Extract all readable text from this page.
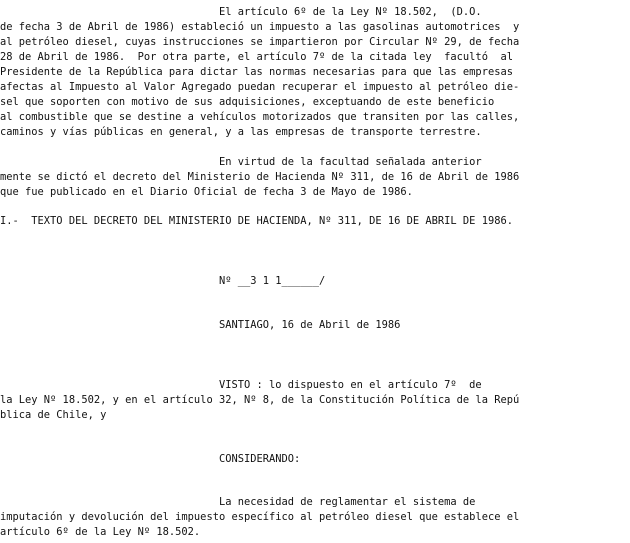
El artículo 6º de la Ley Nº 18.502,  (D.O.
de fecha 3 de Abril de 1986) estableció un impuesto a las gasolinas automotrices  y
al petróleo diesel, cuyas instrucciones se impartieron por Circular Nº 29, de fecha
28 de Abril de 1986.  Por otra parte, el artículo 7º de la citada ley  facultó  al
Presidente de la República para dictar las normas necesarias para que las empresas
afectas al Impuesto al Valor Agregado puedan recuperar el impuesto al petróleo die-
sel que soporten con motivo de sus adquisiciones, exceptuando de este beneficio
al combustible que se destine a vehículos motorizados que transiten por las calles,
caminos y vías públicas en general, y a las empresas de transporte terrestre.
En virtud de la facultad señalada anterior
mente se dictó el decreto del Ministerio de Hacienda Nº 311, de 16 de Abril de 1986
que fue publicado en el Diario Oficial de fecha 3 de Mayo de 1986.
I.-  TEXTO DEL DECRETO DEL MINISTERIO DE HACIENDA, Nº 311, DE 16 DE ABRIL DE 1986.
Nº __3 1 1______/
SANTIAGO, 16 de Abril de 1986
VISTO : lo dispuesto en el artículo 7º  de
la Ley Nº 18.502, y en el artículo 32, Nº 8, de la Constitución Política de la Repú
blica de Chile, y
CONSIDERANDO:
La necesidad de reglamentar el sistema de
imputación y devolución del impuesto específico al petróleo diesel que establece el
artículo 6º de la Ley Nº 18.502.
